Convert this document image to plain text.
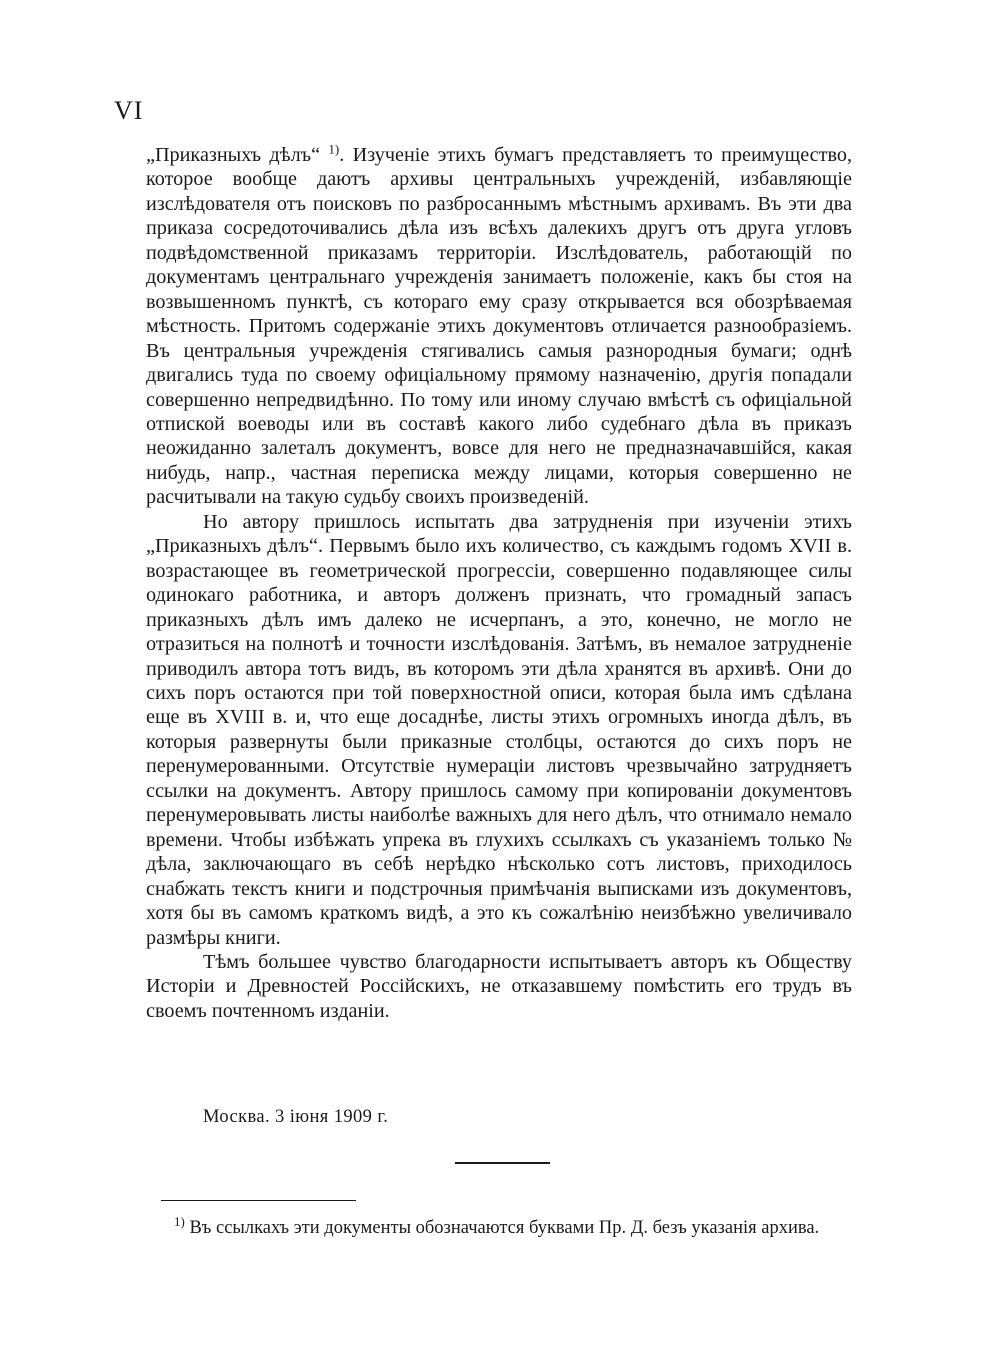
VI

„Приказныхъ дѣлъ“ $^{1)}$. Изученіе этихъ бумагъ представляетъ то преимущество, которое вообще даютъ архивы центральныхъ учрежденій, избавляющіе изслѣдователя отъ поисковъ по разбросаннымъ мѣстнымъ архивамъ. Въ эти два приказа сосредоточивались дѣла изъ всѣхъ далекихъ другъ отъ друга угловъ подвѣдомственной приказамъ территоріи. Изслѣдователь, работающій по документамъ центральнаго учрежденія занимаетъ положеніе, какъ бы стоя на возвышенномъ пунктѣ, съ котораго ему сразу открывается вся обозрѣваемая мѣстность. Притомъ содержаніе этихъ документовъ отличается разнообразіемъ. Въ центральныя учрежденія стягивались самыя разнородныя бумаги; однѣ двигались туда по своему офиціальному прямому назначенію, другія попадали совершенно непредвидѣнно. По тому или иному случаю вмѣстѣ съ офиціальной отпиской воеводы или въ составѣ какого либо судебнаго дѣла въ приказъ неожиданно залеталъ документъ, вовсе для него не предназначавшійся, какая нибудь, напр., частная переписка между лицами, которыя совершенно не расчитывали на такую судьбу своихъ произведеній.

Но автору пришлось испытать два затрудненія при изученіи этихъ „Приказныхъ дѣлъ“. Первымъ было ихъ количество, съ каждымъ годомъ XVII в. возрастающее въ геометрической прогрессіи, совершенно подавляющее силы одинокаго работника, и авторъ долженъ признать, что громадный запасъ приказныхъ дѣлъ имъ далеко не исчерпанъ, а это, конечно, не могло не отразиться на полнотѣ и точности изслѣдованія. Затѣмъ, въ немалое затрудненіе приводилъ автора тотъ видъ, въ которомъ эти дѣла хранятся въ архивѣ. Они до сихъ поръ остаются при той поверхностной описи, которая была имъ сдѣлана еще въ XVIII в. и, что еще досаднѣе, листы этихъ огромныхъ иногда дѣлъ, въ которыя развернуты были приказные столбцы, остаются до сихъ поръ не перенумерованными. Отсутствіе нумераціи листовъ чрезвычайно затрудняетъ ссылки на документъ. Автору пришлось самому при копированіи документовъ перенумеровывать листы наиболѣе важныхъ для него дѣлъ, что отнимало немало времени. Чтобы избѣжать упрека въ глухихъ ссылкахъ съ указаніемъ только № дѣла, заключающаго въ себѣ нерѣдко нѣсколько сотъ листовъ, приходилось снабжать текстъ книги и подстрочныя примѣчанія выписками изъ документовъ, хотя бы въ самомъ краткомъ видѣ, а это къ сожалѣнію неизбѣжно увеличивало размѣры книги.

Тѣмъ большее чувство благодарности испытываетъ авторъ къ Обществу Исторіи и Древностей Россійскихъ, не отказавшему помѣстить его трудъ въ своемъ почтенномъ изданіи.

Москва. 3 іюня 1909 г.
$^{1)}$ Въ ссылкахъ эти документы обозначаются буквами Пр. Д. безъ указанія архива.
